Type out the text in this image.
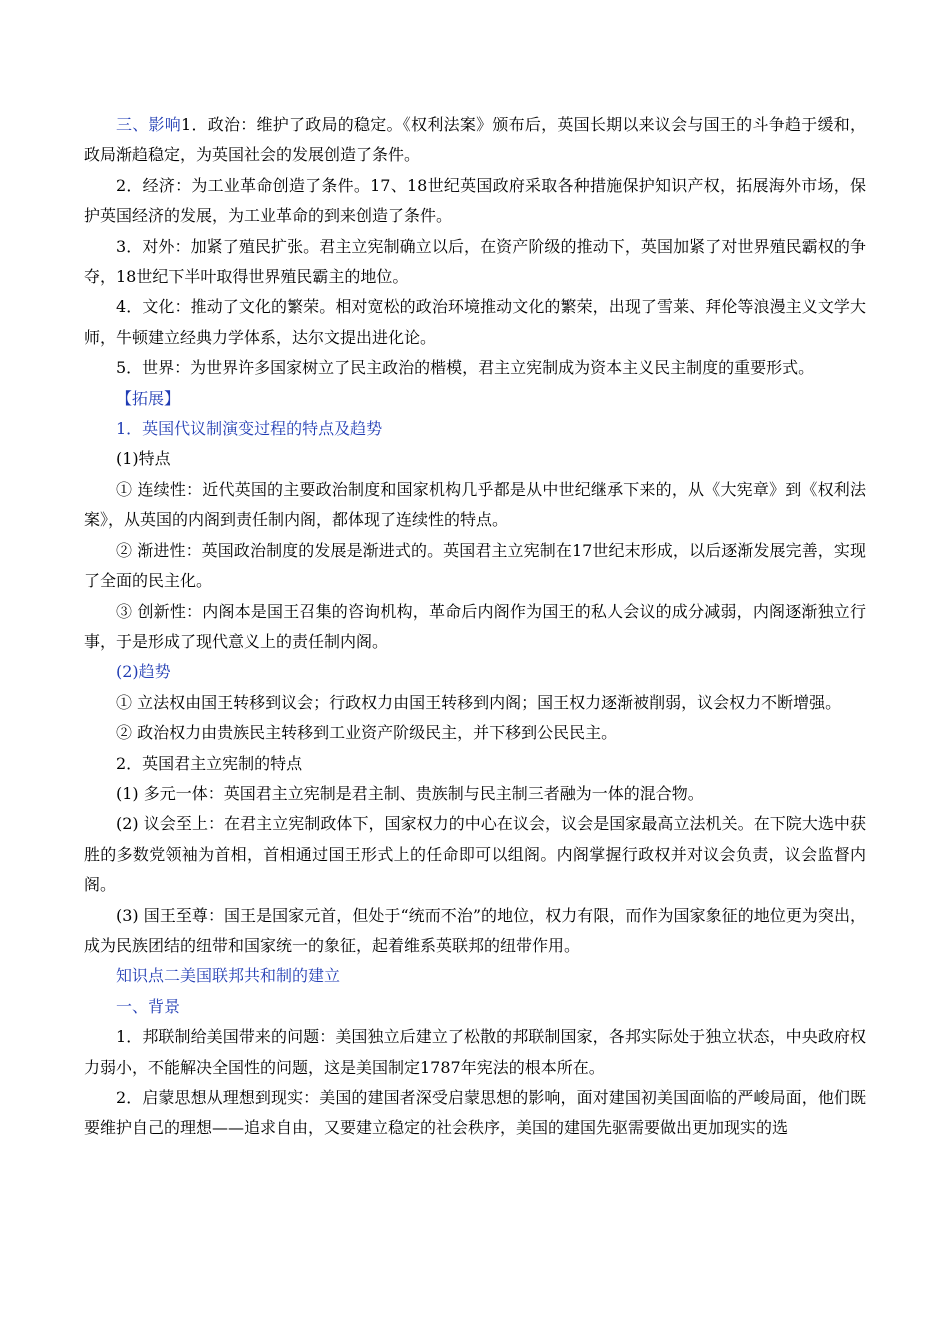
三、影响1．政治：维护了政局的稳定。《权利法案》颁布后，英国长期以来议会与国王的斗争趋于缓和，政局渐趋稳定，为英国社会的发展创造了条件。

2．经济：为工业革命创造了条件。17、18世纪英国政府采取各种措施保护知识产权，拓展海外市场，保护英国经济的发展，为工业革命的到来创造了条件。

3．对外：加紧了殖民扩张。君主立宪制确立以后，在资产阶级的推动下，英国加紧了对世界殖民霸权的争夺，18世纪下半叶取得世界殖民霸主的地位。

4．文化：推动了文化的繁荣。相对宽松的政治环境推动文化的繁荣，出现了雪莱、拜伦等浪漫主义文学大师，牛顿建立经典力学体系，达尔文提出进化论。

5．世界：为世界许多国家树立了民主政治的楷模，君主立宪制成为资本主义民主制度的重要形式。

【拓展】

1．英国代议制演变过程的特点及趋势

(1)特点

① 连续性：近代英国的主要政治制度和国家机构几乎都是从中世纪继承下来的，从《大宪章》到《权利法案》，从英国的内阁到责任制内阁，都体现了连续性的特点。

② 渐进性：英国政治制度的发展是渐进式的。英国君主立宪制在17世纪末形成，以后逐渐发展完善，实现了全面的民主化。

③ 创新性：内阁本是国王召集的咨询机构，革命后内阁作为国王的私人会议的成分减弱，内阁逐渐独立行事，于是形成了现代意义上的责任制内阁。

(2)趋势

① 立法权由国王转移到议会；行政权力由国王转移到内阁；国王权力逐渐被削弱，议会权力不断增强。

② 政治权力由贵族民主转移到工业资产阶级民主，并下移到公民民主。

2．英国君主立宪制的特点

(1) 多元一体：英国君主立宪制是君主制、贵族制与民主制三者融为一体的混合物。

(2) 议会至上：在君主立宪制政体下，国家权力的中心在议会，议会是国家最高立法机关。在下院大选中获胜的多数党领袖为首相，首相通过国王形式上的任命即可以组阁。内阁掌握行政权并对议会负责，议会监督内阁。

(3) 国王至尊：国王是国家元首，但处于“统而不治”的地位，权力有限，而作为国家象征的地位更为突出，成为民族团结的纽带和国家统一的象征，起着维系英联邦的纽带作用。

知识点二美国联邦共和制的建立

一、背景

1．邦联制给美国带来的问题：美国独立后建立了松散的邦联制国家，各邦实际处于独立状态，中央政府权力弱小，不能解决全国性的问题，这是美国制定1787年宪法的根本所在。

2．启蒙思想从理想到现实：美国的建国者深受启蒙思想的影响，面对建国初美国面临的严峻局面，他们既要维护自己的理想——追求自由，又要建立稳定的社会秩序，美国的建国先驱需要做出更加现实的选
